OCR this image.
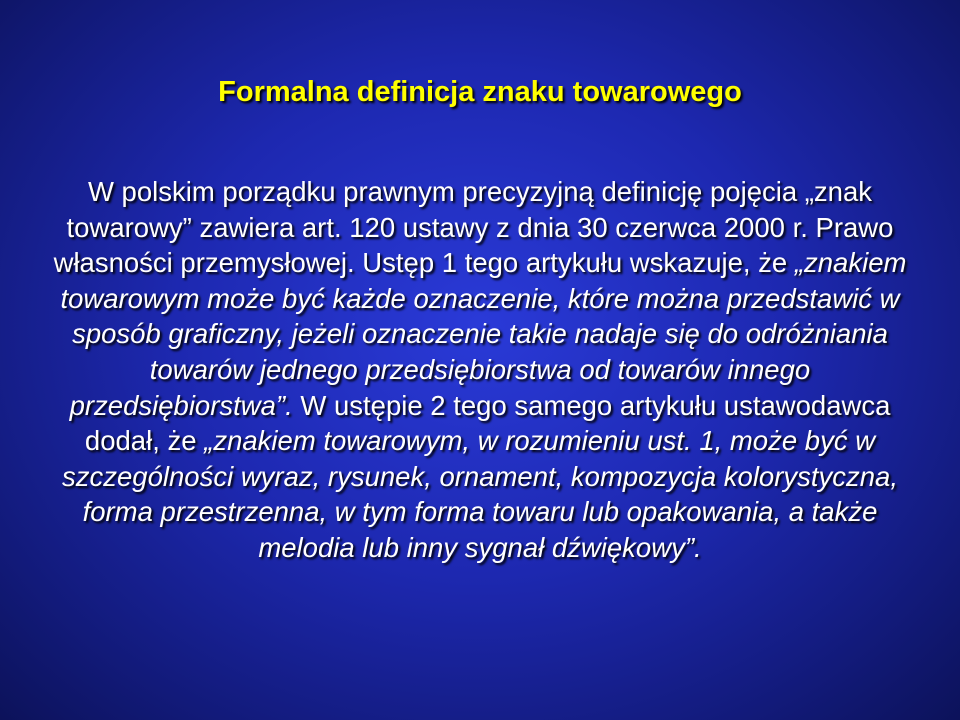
Formalna definicja znaku towarowego

W polskim porządku prawnym precyzyjną definicję pojęcia „znak towarowy” zawiera art. 120 ustawy z dnia 30 czerwca 2000 r. Prawo własności przemysłowej. Ustęp 1 tego artykułu wskazuje, że „znakiem towarowym może być każde oznaczenie, które można przedstawić w sposób graficzny, jeżeli oznaczenie takie nadaje się do odróżniania towarów jednego przedsiębiorstwa od towarów innego przedsiębiorstwa”. W ustępie 2 tego samego artykułu ustawodawca dodał, że „znakiem towarowym, w rozumieniu ust. 1, może być w szczególności wyraz, rysunek, ornament, kompozycja kolorystyczna, forma przestrzenna, w tym forma towaru lub opakowania, a także melodia lub inny sygnał dźwiękowy”.
